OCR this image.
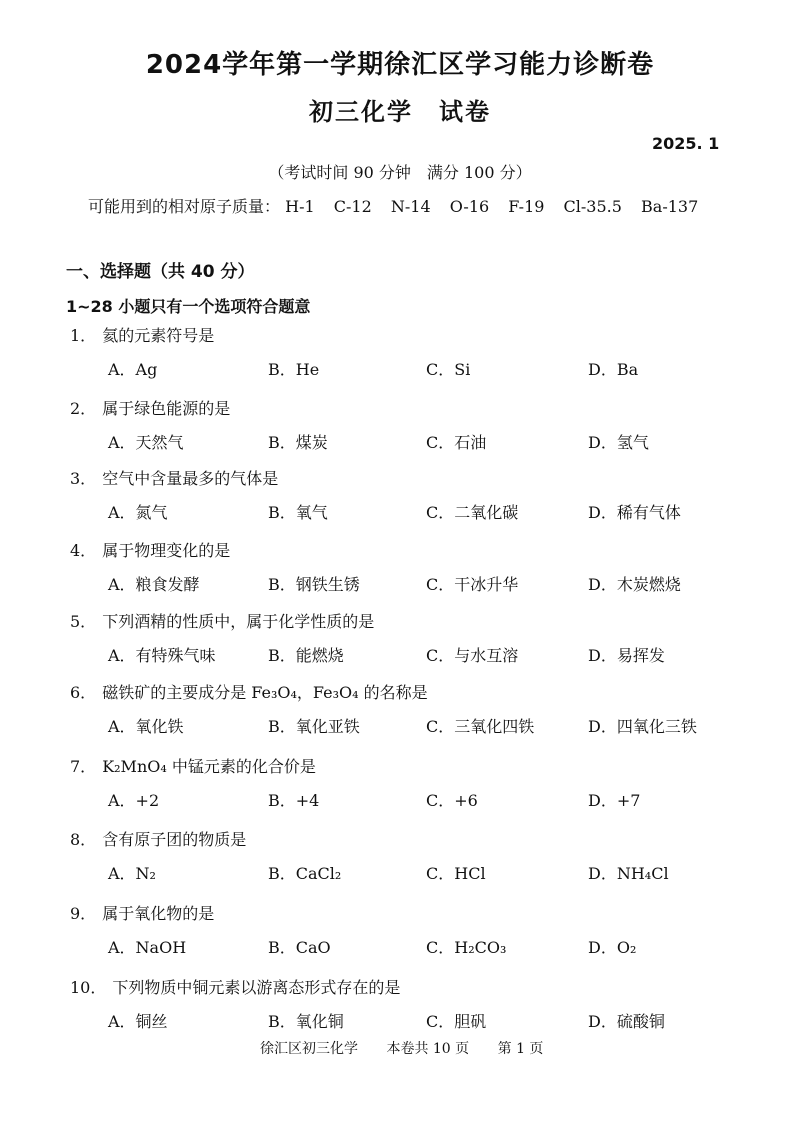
2024学年第一学期徐汇区学习能力诊断卷
初三化学 试卷
2025. 1
（考试时间 90 分钟　满分 100 分）
可能用到的相对原子质量： H-1 C-12 N-14 O-16 F-19 Cl-35.5 Ba-137
一、选择题（共 40 分）
1~28 小题只有一个选项符合题意
1． 氦的元素符号是
A．Ag	B．He	C．Si	D．Ba
2． 属于绿色能源的是
A．天然气	B．煤炭	C．石油	D．氢气
3． 空气中含量最多的气体是
A．氮气	B．氧气	C．二氧化碳	D．稀有气体
4． 属于物理变化的是
A．粮食发酵	B．钢铁生锈	C．干冰升华	D．木炭燃烧
5． 下列酒精的性质中，属于化学性质的是
A．有特殊气味	B．能燃烧	C．与水互溶	D．易挥发
6． 磁铁矿的主要成分是 Fe₃O₄，Fe₃O₄ 的名称是
A．氧化铁	B．氧化亚铁	C．三氧化四铁	D．四氧化三铁
7． K₂MnO₄ 中锰元素的化合价是
A．+2	B．+4	C．+6	D．+7
8． 含有原子团的物质是
A．N₂	B．CaCl₂	C．HCl	D．NH₄Cl
9． 属于氧化物的是
A．NaOH	B．CaO	C．H₂CO₃	D．O₂
10． 下列物质中铜元素以游离态形式存在的是
A．铜丝	B．氧化铜	C．胆矾	D．硫酸铜
徐汇区初三化学 本卷共 10 页 第 1 页
